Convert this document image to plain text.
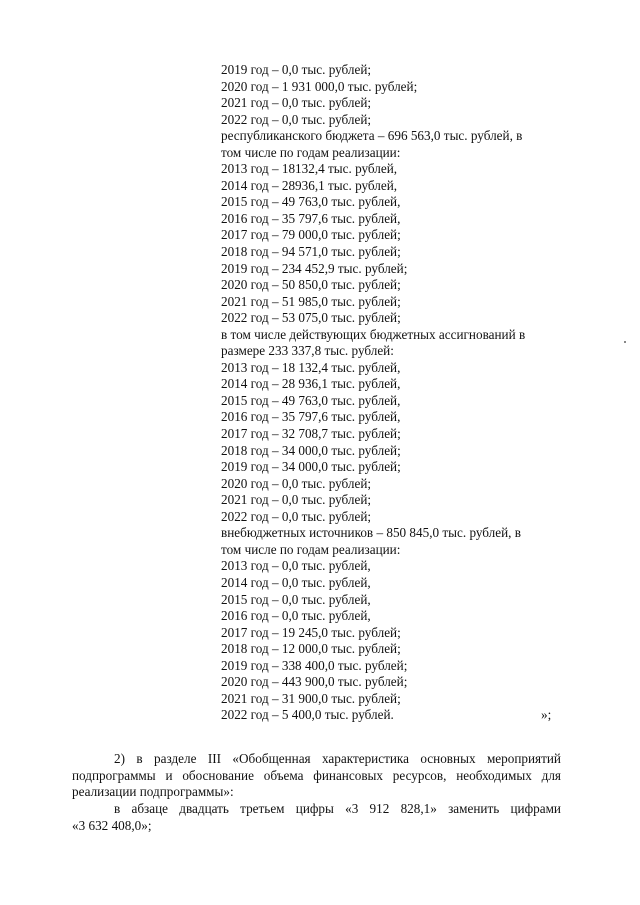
2019 год – 0,0 тыс. рублей;
2020 год – 1 931 000,0 тыс. рублей;
2021 год – 0,0 тыс. рублей;
2022 год – 0,0 тыс. рублей;
республиканского бюджета – 696 563,0 тыс. рублей, в
том числе по годам реализации:
2013 год – 18132,4 тыс. рублей,
2014 год – 28936,1 тыс. рублей,
2015 год – 49 763,0 тыс. рублей,
2016 год – 35 797,6 тыс. рублей,
2017 год – 79 000,0 тыс. рублей;
2018 год – 94 571,0 тыс. рублей;
2019 год – 234 452,9 тыс. рублей;
2020 год – 50 850,0 тыс. рублей;
2021 год – 51 985,0 тыс. рублей;
2022 год – 53 075,0 тыс. рублей;
в том числе действующих бюджетных ассигнований в
размере 233 337,8 тыс. рублей:
2013 год – 18 132,4 тыс. рублей,
2014 год – 28 936,1 тыс. рублей,
2015 год – 49 763,0 тыс. рублей,
2016 год – 35 797,6 тыс. рублей,
2017 год – 32 708,7 тыс. рублей;
2018 год – 34 000,0 тыс. рублей;
2019 год – 34 000,0 тыс. рублей;
2020 год – 0,0 тыс. рублей;
2021 год – 0,0 тыс. рублей;
2022 год – 0,0 тыс. рублей;
внебюджетных источников – 850 845,0 тыс. рублей, в
том числе по годам реализации:
2013 год – 0,0 тыс. рублей,
2014 год – 0,0 тыс. рублей,
2015 год – 0,0 тыс. рублей,
2016 год – 0,0 тыс. рублей,
2017 год – 19 245,0 тыс. рублей;
2018 год – 12 000,0 тыс. рублей;
2019 год – 338 400,0 тыс. рублей;
2020 год – 443 900,0 тыс. рублей;
2021 год – 31 900,0 тыс. рублей;
2022 год – 5 400,0 тыс. рублей.	»;
2) в разделе III «Обобщенная характеристика основных мероприятий
подпрограммы и обоснование объема финансовых ресурсов, необходимых для
реализации подпрограммы»:
в абзаце двадцать третьем цифры «3 912 828,1» заменить цифрами
«3 632 408,0»;
